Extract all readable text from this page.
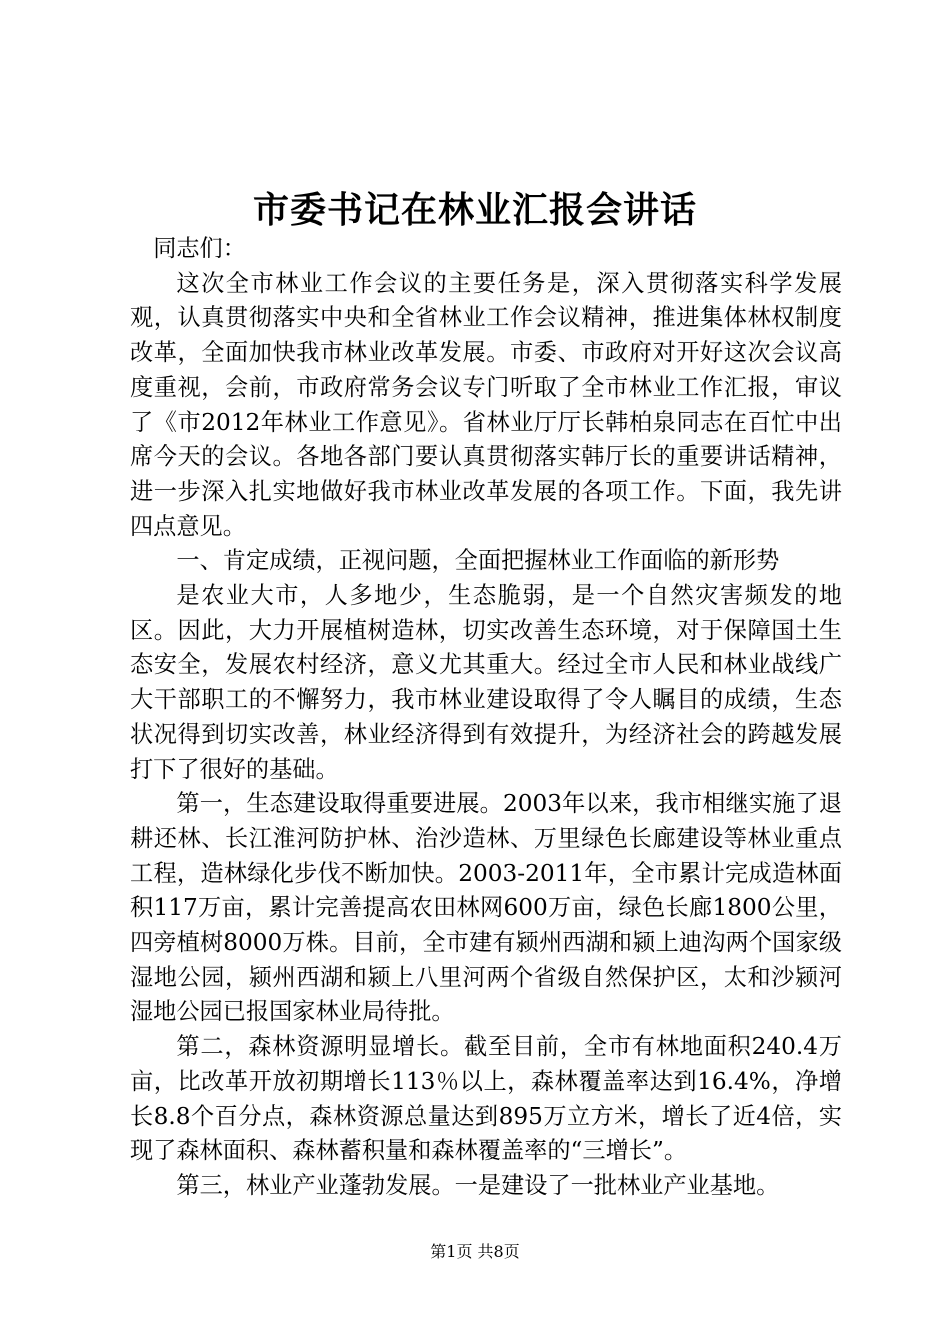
市委书记在林业汇报会讲话

同志们：

这次全市林业工作会议的主要任务是，深入贯彻落实科学发展观，认真贯彻落实中央和全省林业工作会议精神，推进集体林权制度改革，全面加快我市林业改革发展。市委、市政府对开好这次会议高度重视，会前，市政府常务会议专门听取了全市林业工作汇报，审议了《市2012年林业工作意见》。省林业厅厅长韩柏泉同志在百忙中出席今天的会议。各地各部门要认真贯彻落实韩厅长的重要讲话精神，进一步深入扎实地做好我市林业改革发展的各项工作。下面，我先讲四点意见。

一、肯定成绩，正视问题，全面把握林业工作面临的新形势

是农业大市，人多地少，生态脆弱，是一个自然灾害频发的地区。因此，大力开展植树造林，切实改善生态环境，对于保障国土生态安全，发展农村经济，意义尤其重大。经过全市人民和林业战线广大干部职工的不懈努力，我市林业建设取得了令人瞩目的成绩，生态状况得到切实改善，林业经济得到有效提升，为经济社会的跨越发展打下了很好的基础。

第一，生态建设取得重要进展。2003年以来，我市相继实施了退耕还林、长江淮河防护林、治沙造林、万里绿色长廊建设等林业重点工程，造林绿化步伐不断加快。2003-2011年，全市累计完成造林面积117万亩，累计完善提高农田林网600万亩，绿色长廊1800公里，四旁植树8000万株。目前，全市建有颍州西湖和颍上迪沟两个国家级湿地公园，颍州西湖和颍上八里河两个省级自然保护区，太和沙颍河湿地公园已报国家林业局待批。

第二，森林资源明显增长。截至目前，全市有林地面积240.4万亩，比改革开放初期增长113％以上，森林覆盖率达到16.4%，净增长8.8个百分点，森林资源总量达到895万立方米，增长了近4倍，实现了森林面积、森林蓄积量和森林覆盖率的“三增长”。

第三，林业产业蓬勃发展。一是建设了一批林业产业基地。

第1页 共8页
